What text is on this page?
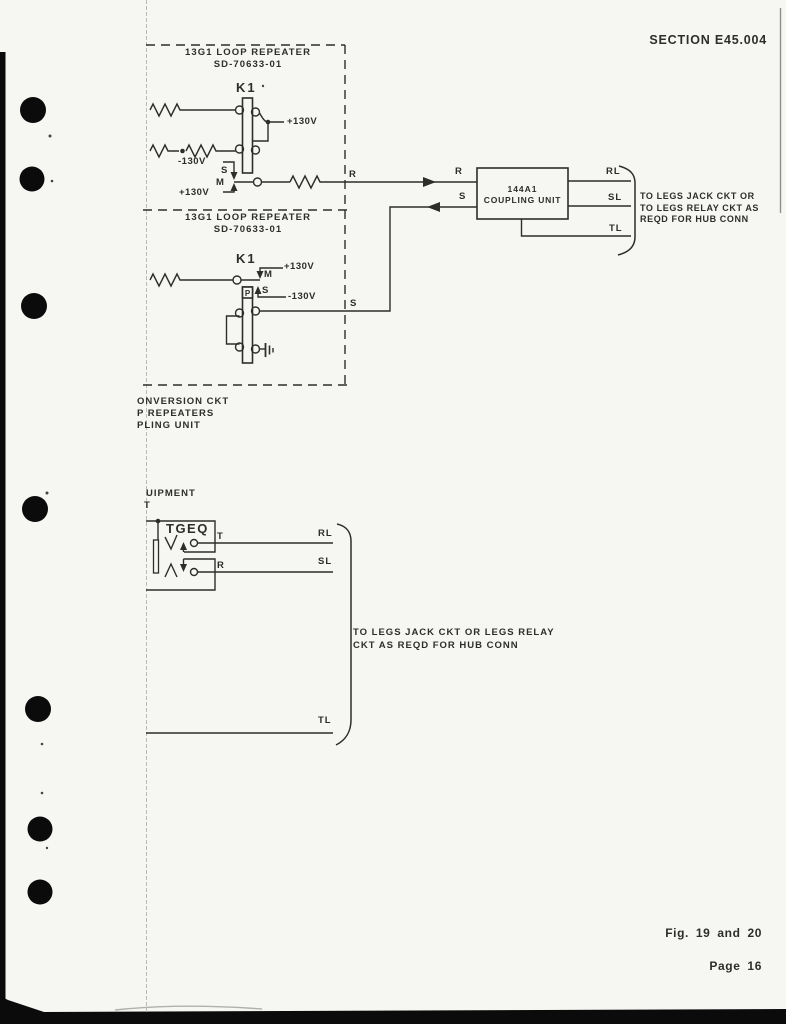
SECTION E45.004
13G1 LOOP REPEATER
SD-70633-01
K1
+130V
-130V
S
M
+130V
R
13G1 LOOP REPEATER
SD-70633-01
K1
+130V
M
S
-130V
P
S
R
S
144A1
COUPLING UNIT
RL
SL
TL
TO LEGS JACK CKT OR
TO LEGS RELAY CKT AS
REQD FOR HUB CONN
ONVERSION CKT
P REPEATERS
PLING UNIT
UIPMENT
T
TGEQ
T
R
RL
SL
TL
TO LEGS JACK CKT OR LEGS RELAY
CKT AS REQD FOR HUB CONN
Fig. 19 and 20
Page 16
